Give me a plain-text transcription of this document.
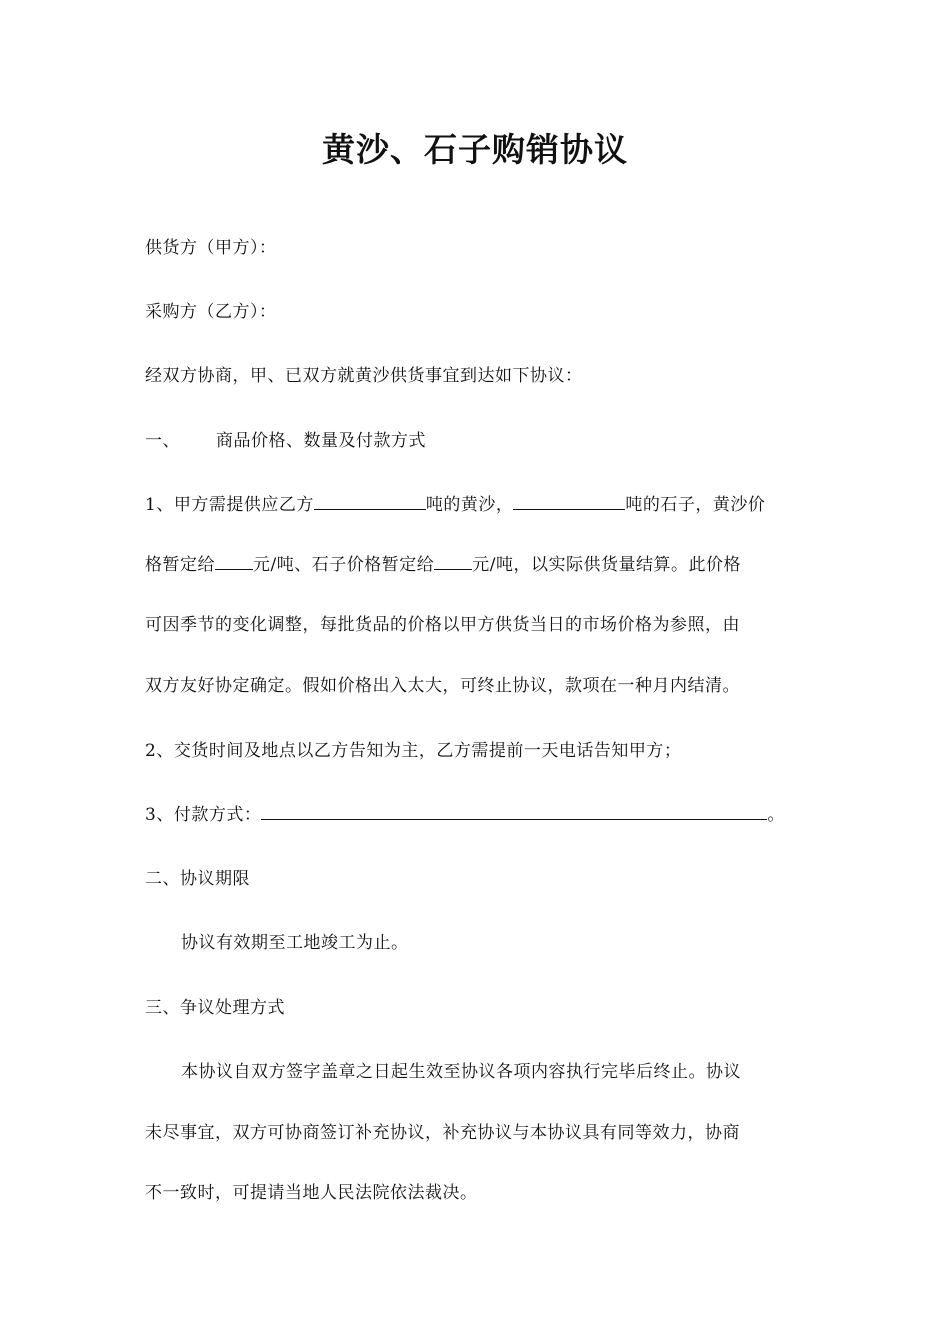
黄沙、石子购销协议
供货方（甲方）：
采购方（乙方）：
经双方协商，甲、已双方就黄沙供货事宜到达如下协议：
一、 商品价格、数量及付款方式
1、甲方需提供应乙方	吨的黄沙，	吨的石子，黄沙价
格暂定给 元/吨、石子价格暂定给 元/吨，以实际供货量结算。此价格
可因季节的变化调整，每批货品的价格以甲方供货当日的市场价格为参照，由
双方友好协定确定。假如价格出入太大，可终止协议，款项在一种月内结清。
2、交货时间及地点以乙方告知为主，乙方需提前一天电话告知甲方；
3、付款方式：	。
二、协议期限
协议有效期至工地竣工为止。
三、争议处理方式
本协议自双方签字盖章之日起生效至协议各项内容执行完毕后终止。协议
未尽事宜，双方可协商签订补充协议，补充协议与本协议具有同等效力，协商
不一致时，可提请当地人民法院依法裁决。
